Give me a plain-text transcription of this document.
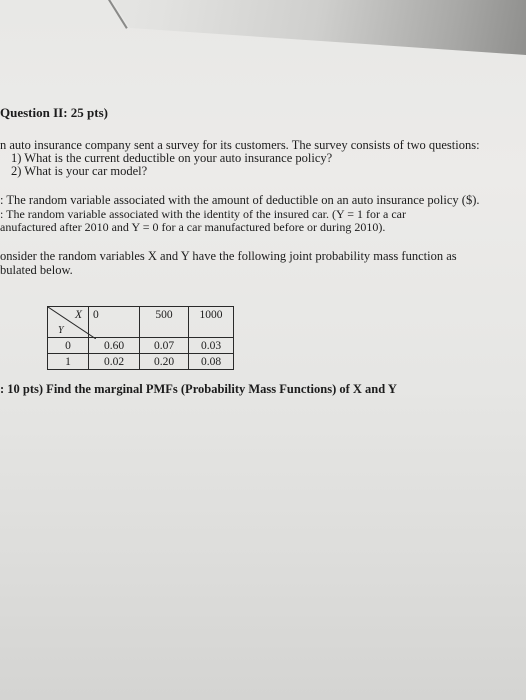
Question II: 25 pts)
n auto insurance company sent a survey for its customers. The survey consists of two questions:
1) What is the current deductible on your auto insurance policy?
2) What is your car model?
: The random variable associated with the amount of deductible on an auto insurance policy ($).
: The random variable associated with the identity of the insured car. (Y = 1 for a car
anufactured after 2010 and Y = 0 for a car manufactured before or during 2010).
onsider the random variables X and Y have the following joint probability mass function as
bulated below.
X
Y	0	500	1000

0	0.60	0.07	0.03
1	0.02	0.20	0.08
: 10 pts) Find the marginal PMFs (Probability Mass Functions) of X and Y
